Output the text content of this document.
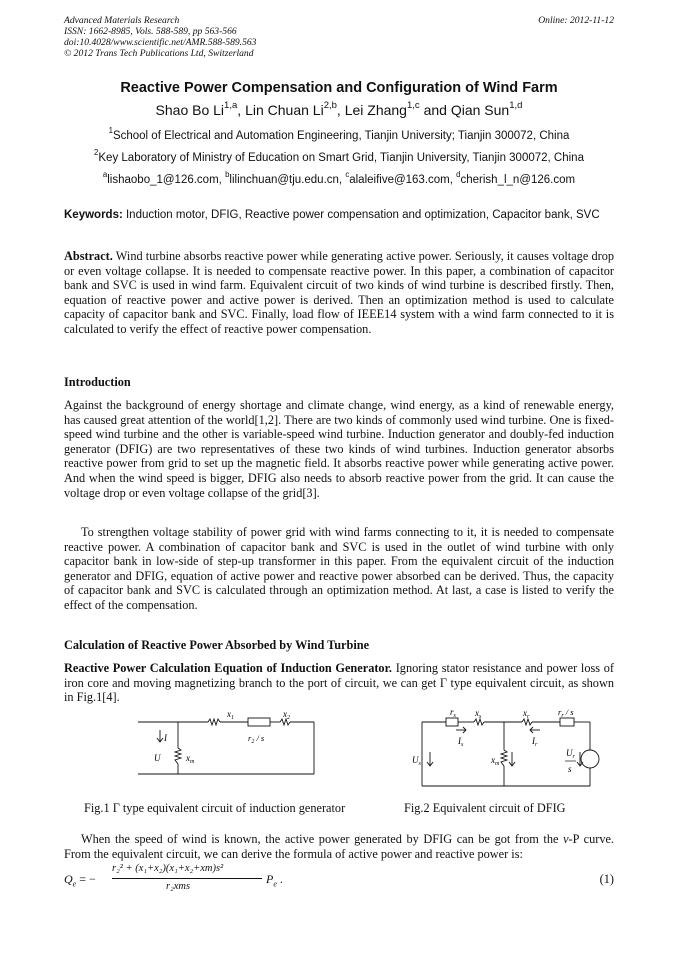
Advanced Materials Research
ISSN: 1662-8985, Vols. 588-589, pp 563-566
doi:10.4028/www.scientific.net/AMR.588-589.563
© 2012 Trans Tech Publications Ltd, Switzerland
Online: 2012-11-12
Reactive Power Compensation and Configuration of Wind Farm
Shao Bo Li$^{1,a}$, Lin Chuan Li$^{2,b}$, Lei Zhang$^{1,c}$ and Qian Sun$^{1,d}$
$^1$School of Electrical and Automation Engineering, Tianjin University; Tianjin 300072, China
$^2$Key Laboratory of Ministry of Education on Smart Grid, Tianjin University, Tianjin 300072, China
$^a$lishaobo_1@126.com, $^b$lilinchuan@tju.edu.cn, $^c$alaleifive@163.com, $^d$cherish_l_n@126.com
Keywords: Induction motor, DFIG, Reactive power compensation and optimization, Capacitor bank, SVC
Abstract. Wind turbine absorbs reactive power while generating active power. Seriously, it causes voltage drop or even voltage collapse. It is needed to compensate reactive power. In this paper, a combination of capacitor bank and SVC is used in wind farm. Equivalent circuit of two kinds of wind turbine is described firstly. Then, equation of reactive power and active power is derived. Then an optimization method is used to calculate capacity of capacitor bank and SVC. Finally, load flow of IEEE14 system with a wind farm connected to it is calculated to verify the effect of reactive power compensation.
Introduction
Against the background of energy shortage and climate change, wind energy, as a kind of renewable energy, has caused great attention of the world[1,2]. There are two kinds of commonly used wind turbine. One is fixed-speed wind turbine and the other is variable-speed wind turbine. Induction generator and doubly-fed induction generator (DFIG) are two representatives of these two kinds of wind turbines. Induction generator absorbs reactive power from grid to set up the magnetic field. It absorbs reactive power while generating active power. And when the wind speed is bigger, DFIG also needs to absorb reactive power from the grid. It can cause the voltage drop or even voltage collapse of the grid[3].
To strengthen voltage stability of power grid with wind farms connecting to it, it is needed to compensate reactive power. A combination of capacitor bank and SVC is used in the outlet of wind turbine with only capacitor bank in low-side of step-up transformer in this paper. From the equivalent circuit of the induction generator and DFIG, equation of active power and reactive power absorbed can be derived. Thus, the capacity of capacitor bank and SVC is calculated through an optimization method. At last, a case is listed to verify the effect of the compensation.
Calculation of Reactive Power Absorbed by Wind Turbine
Reactive Power Calculation Equation of Induction Generator. Ignoring stator resistance and power loss of iron core and moving magnetizing branch to the port of circuit, we can get Γ type equivalent circuit, as shown in Fig.1[4].
$x_1$	$x_2$
$r_2$ / s
I
U	$x_m$
$r_s$ $x_s$	$x_r$	$r_r$ / s
$I_s$	$I_r$
$U_s$	$x_m$
$U_r$
s
Fig.1 Γ type equivalent circuit of induction generator	Fig.2 Equivalent circuit of DFIG
When the speed of wind is known, the active power generated by DFIG can be got from the v-P curve. From the equivalent circuit, we can derive the formula of active power and reactive power is:
$Q_e$ = −
r₂² + (x₁+x₂)(x₁+x₂+xm)s²
r₂xms
$P_e$ .	(1)
